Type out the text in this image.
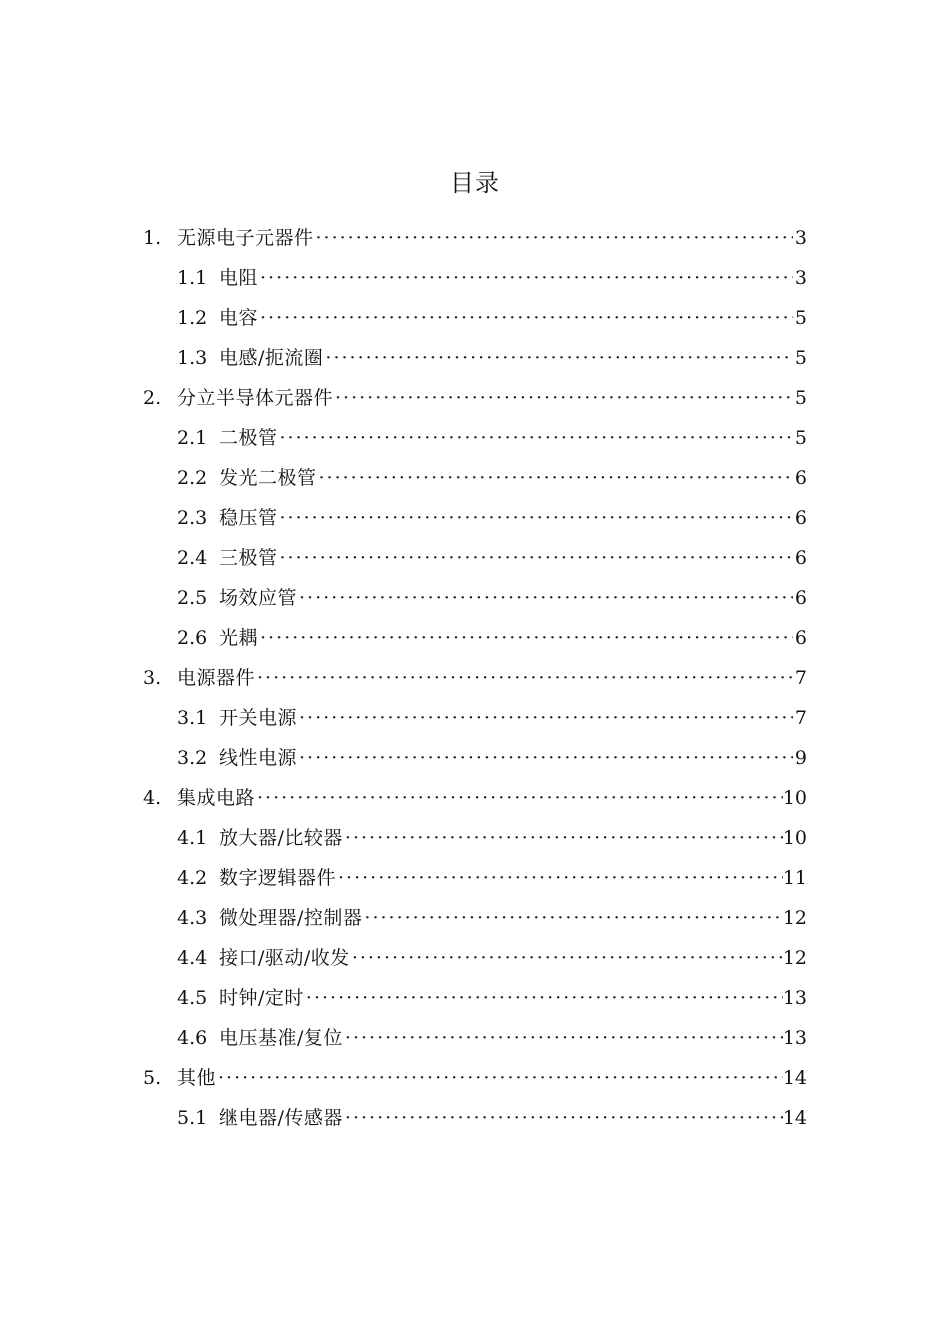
目录
1. 无源电子元器件 ·····	3
1.1 电阻 ·····	3
1.2 电容 ·····	5
1.3 电感/扼流圈 ·····	5
2. 分立半导体元器件 ·····	5
2.1 二极管 ·····	5
2.2 发光二极管 ·····	6
2.3 稳压管 ·····	6
2.4 三极管 ·····	6
2.5 场效应管 ·····	6
2.6 光耦 ·····	6
3. 电源器件 ·····	7
3.1 开关电源 ·····	7
3.2 线性电源 ·····	9
4. 集成电路 ·····	10
4.1 放大器/比较器 ·····	10
4.2 数字逻辑器件 ·····	11
4.3 微处理器/控制器 ·····	12
4.4 接口/驱动/收发 ·····	12
4.5 时钟/定时 ·····	13
4.6 电压基准/复位 ·····	13
5. 其他 ·····	14
5.1 继电器/传感器 ·····	14
